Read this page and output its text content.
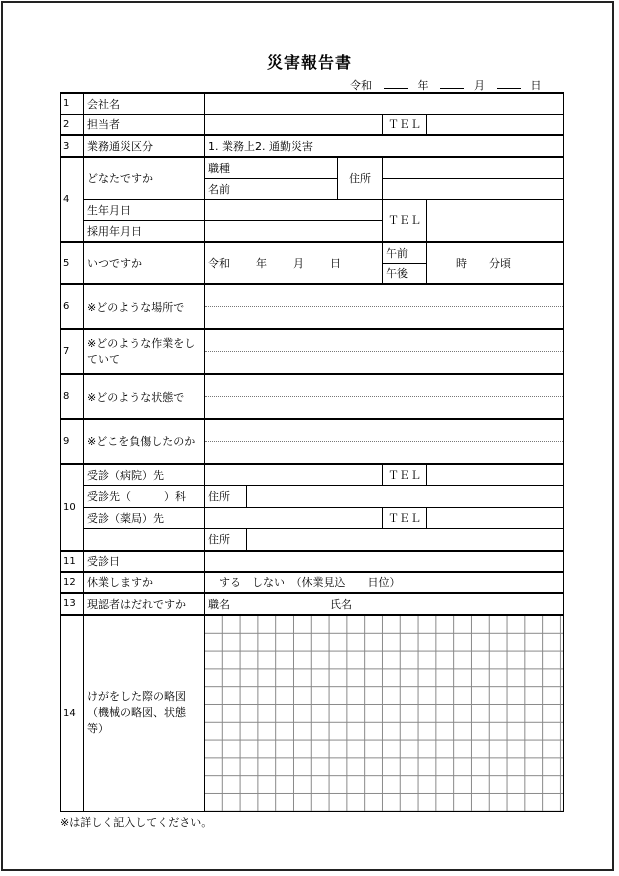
災害報告書
令和	年	月	日
1	会社名				
2	担当者			ＴＥＬ	
3	業務通災区分	1. 業務上2. 通勤災害			
4	どなたですか	職種	住所		
		名前			
	生年月日			ＴＥＬ	
	採用年月日				
5	いつですか	令和 年 月 日		午前	時 分頃
				午後	
6	※どのような場所で				

7	※どのような作業をしていて				

8	※どのような状態で				

9	※どこを負傷したのか				

10	受診（病院）先			ＴＥＬ	
	受診先（　　　）科	住所			
	受診（薬局）先			ＴＥＬ	
		住所			
11	受診日				
12	休業しますか	する　しない　（休業見込　　日位）			
13	現認者はだれですか	職名 氏名			
14	けがをした際の略図（機械の略図、状態等）				
※は詳しく記入してください。
